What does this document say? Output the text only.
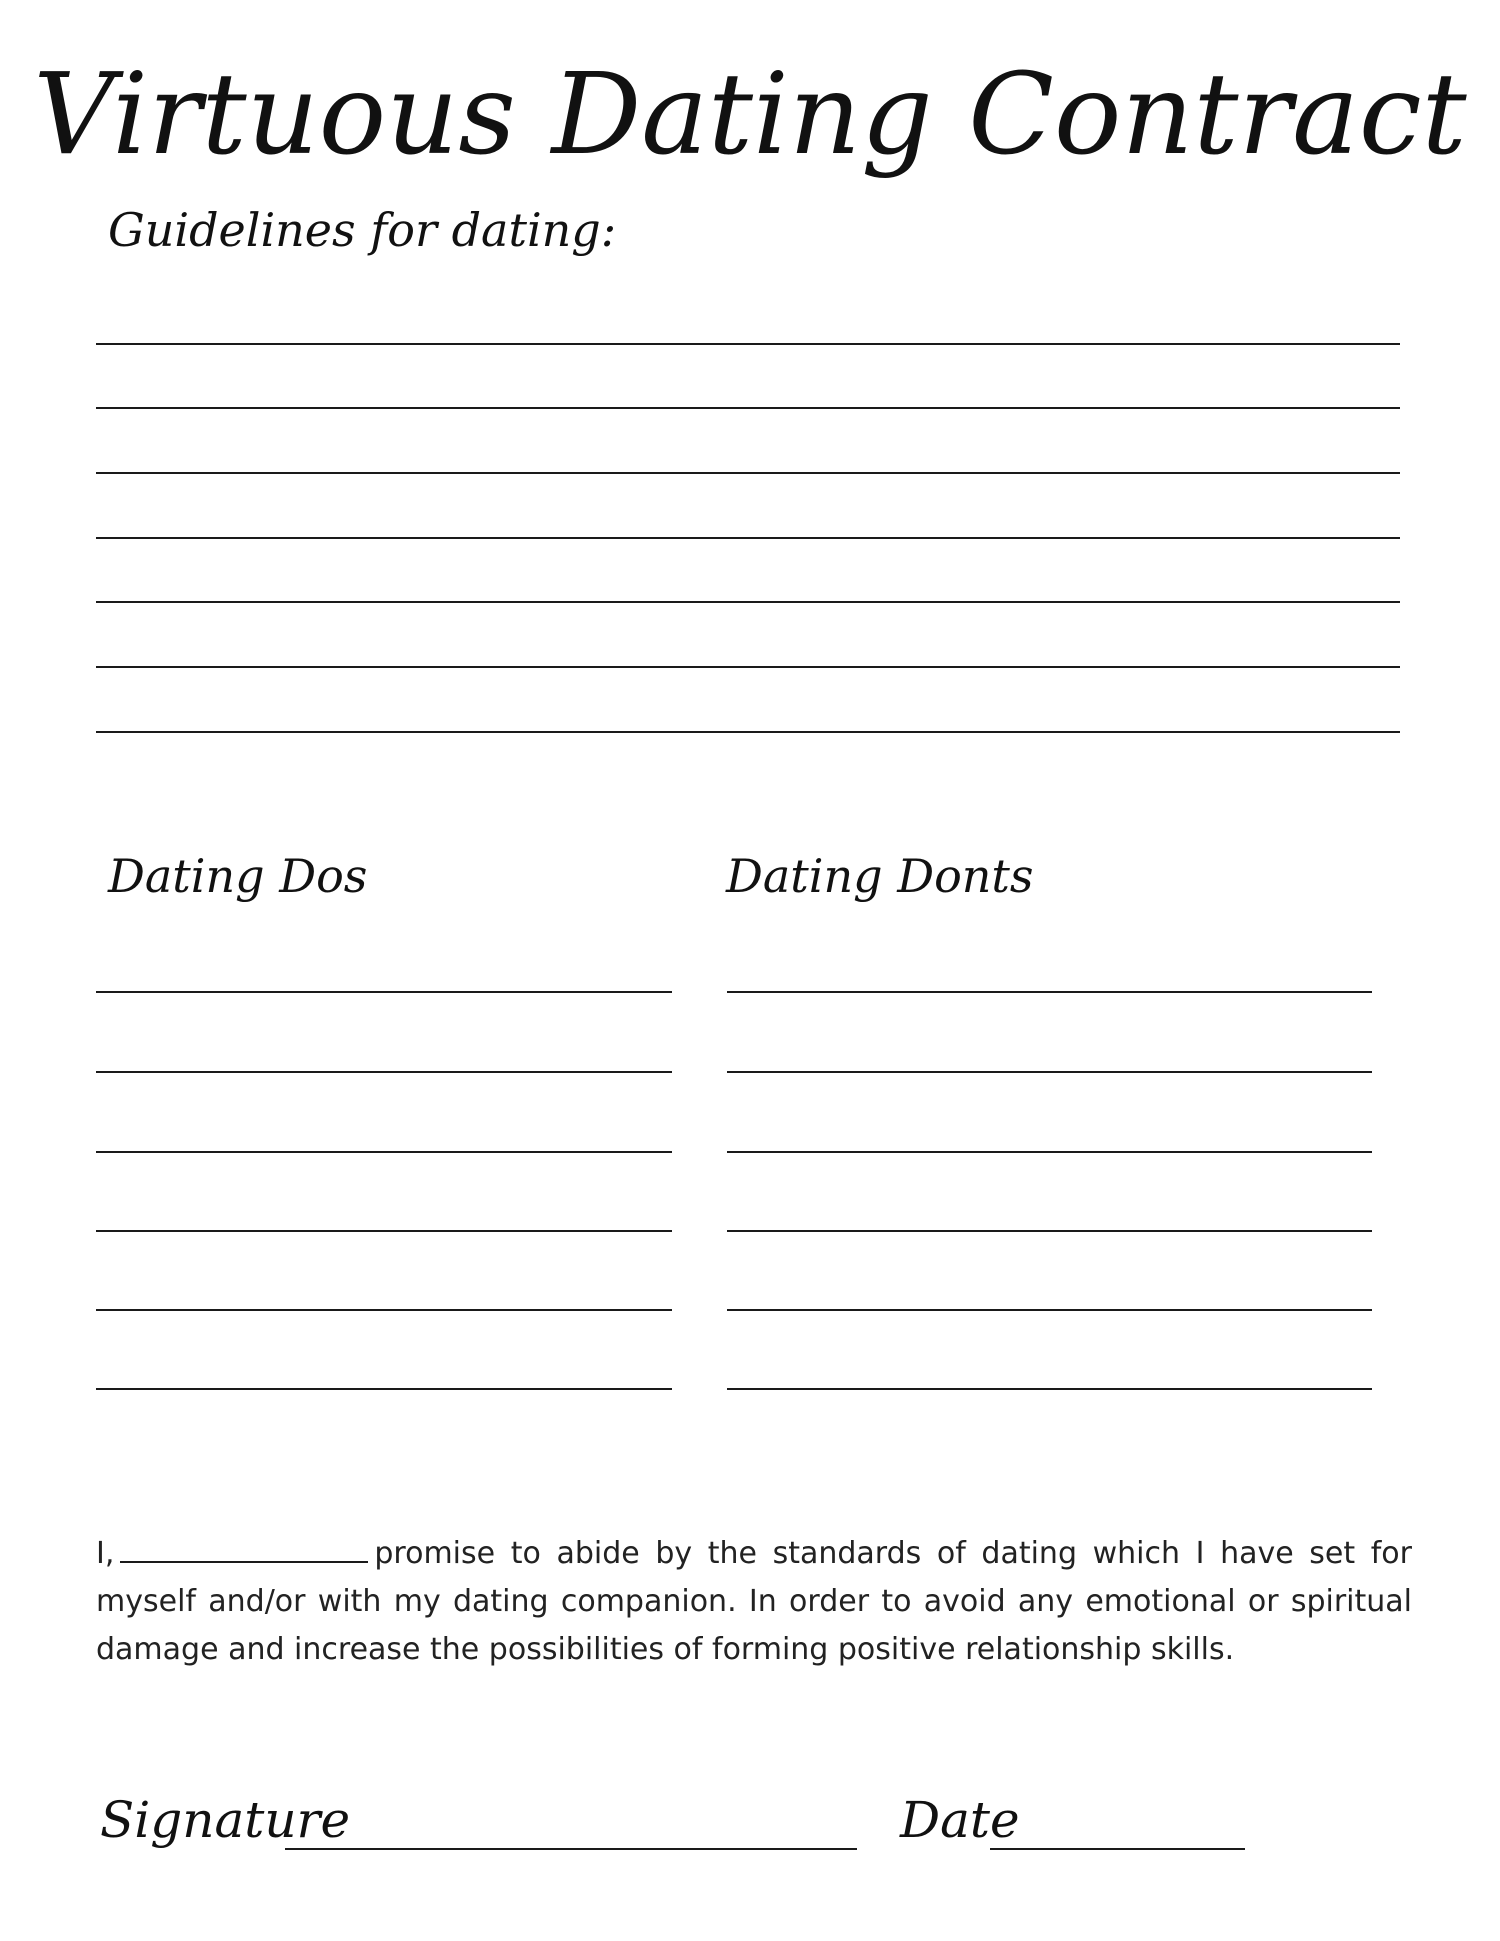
Virtuous Dating Contract
Guidelines for dating:
Dating Dos	Dating Donts
I,	promise to abide by the standards of dating which I have set for myself and/or with my dating companion. In order to avoid any emotional or spiritual damage and increase the possibilities of forming positive relationship skills.
Signature	Date
